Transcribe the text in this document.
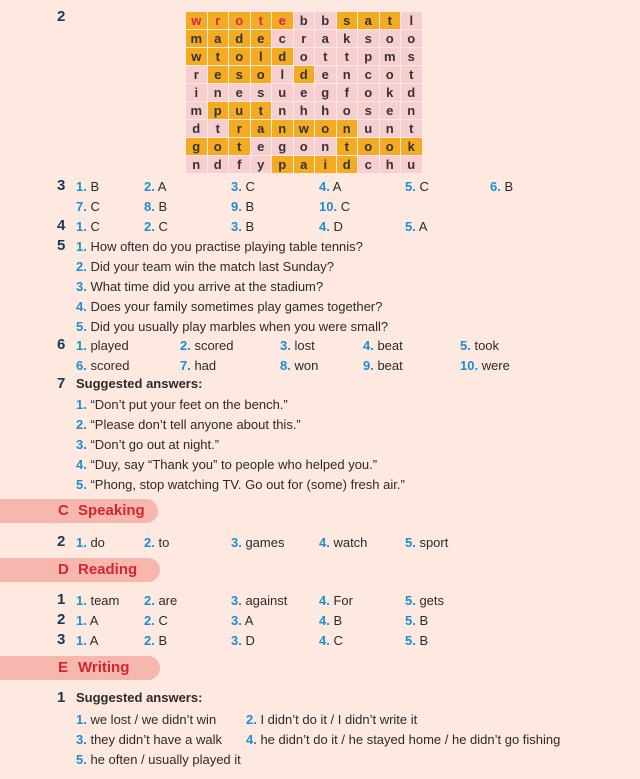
2	w	r	o	t	e	b	b	s	a	t	l
m	a	d	e	c	r	a	k	s	o	o
w	t	o	l	d	o	t	t	p	m	s
r	e	s	o	l	d	e	n	c	o	t
i	n	e	s	u	e	g	f	o	k	d
m	p	u	t	n	h	h	o	s	e	n
d	t	r	a	n	w	o	n	u	n	t
g	o	t	e	g	o	n	t	o	o	k
n	d	f	y	p	a	i	d	c	h	u
3 1. B	2. A	3. C	4. A	5. C	6. B
7. C	8. B	9. B	10. C
4 1. C	2. C	3. B	4. D	5. A
5 1. How often do you practise playing table tennis?
2. Did your team win the match last Sunday?
3. What time did you arrive at the stadium?
4. Does your family sometimes play games together?
5. Did you usually play marbles when you were small?
6 1. played	2. scored	3. lost	4. beat	5. took
6. scored	7. had	8. won	9. beat	10. were
7 Suggested answers:
1. “Don’t put your feet on the bench.”
2. “Please don’t tell anyone about this.”
3. “Don’t go out at night.”
4. “Duy, say “Thank you” to people who helped you.”
5. “Phong, stop watching TV. Go out for (some) fresh air.”
C Speaking
2 1. do	2. to	3. games	4. watch	5. sport
D Reading
1
2
3
1. team 2. are	3. against 4. For	5. gets
1. A	2. C	3. A	4. B	5. B
1. A	2. B	3. D	4. C	5. B
E Writing
1 Suggested answers:
1. we lost / we didn’t win 2. I didn’t do it / I didn’t write it
3. they didn’t have a walk 4. he didn’t do it / he stayed home / he didn’t go fishing
5. he often / usually played it
